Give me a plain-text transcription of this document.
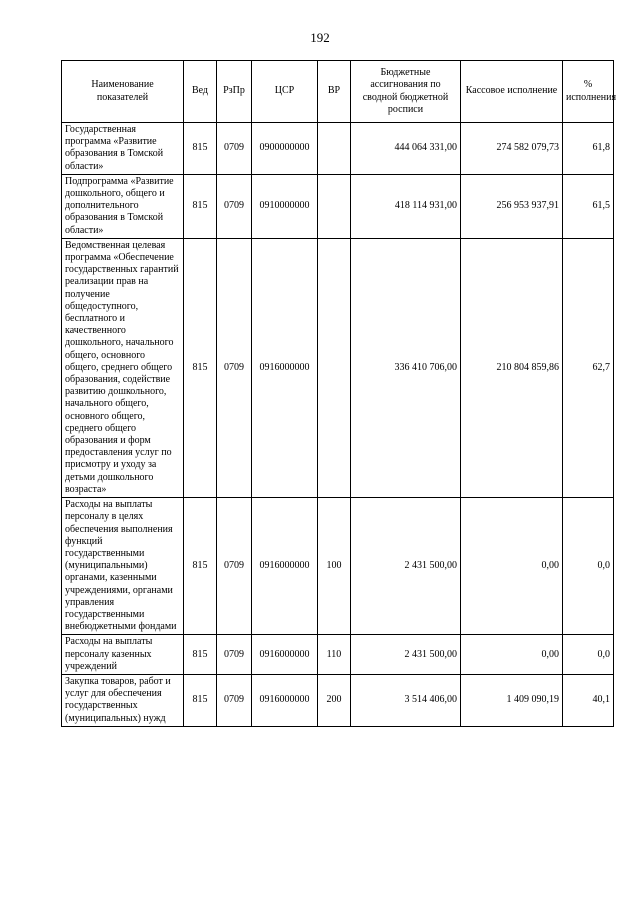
192
Наименование показателей	Вед	РзПр	ЦСР	ВР	Бюджетные ассигнования по сводной бюджетной росписи	Кассовое исполнение	% исполнения

Государственная программа «Развитие образования в Томской области»	815	0709	0900000000		444 064 331,00	274 582 079,73	61,8

Подпрограмма «Развитие дошкольного, общего и дополнительного образования в Томской области»	815	0709	0910000000		418 114 931,00	256 953 937,91	61,5

Ведомственная целевая программа «Обеспечение государственных гарантий реализации прав на получение общедоступного, бесплатного и качественного дошкольного, начального общего, основного общего, среднего общего образования, содействие развитию дошкольного, начального общего, основного общего, среднего общего образования и форм предоставления услуг по присмотру и уходу за детьми дошкольного возраста»	815	0709	0916000000		336 410 706,00	210 804 859,86	62,7

Расходы на выплаты персоналу в целях обеспечения выполнения функций государственными (муниципальными) органами, казенными учреждениями, органами управления государственными внебюджетными фондами	815	0709	0916000000	100	2 431 500,00	0,00	0,0

Расходы на выплаты персоналу казенных учреждений	815	0709	0916000000	110	2 431 500,00	0,00	0,0

Закупка товаров, работ и услуг для обеспечения государственных (муниципальных) нужд	815	0709	0916000000	200	3 514 406,00	1 409 090,19	40,1
